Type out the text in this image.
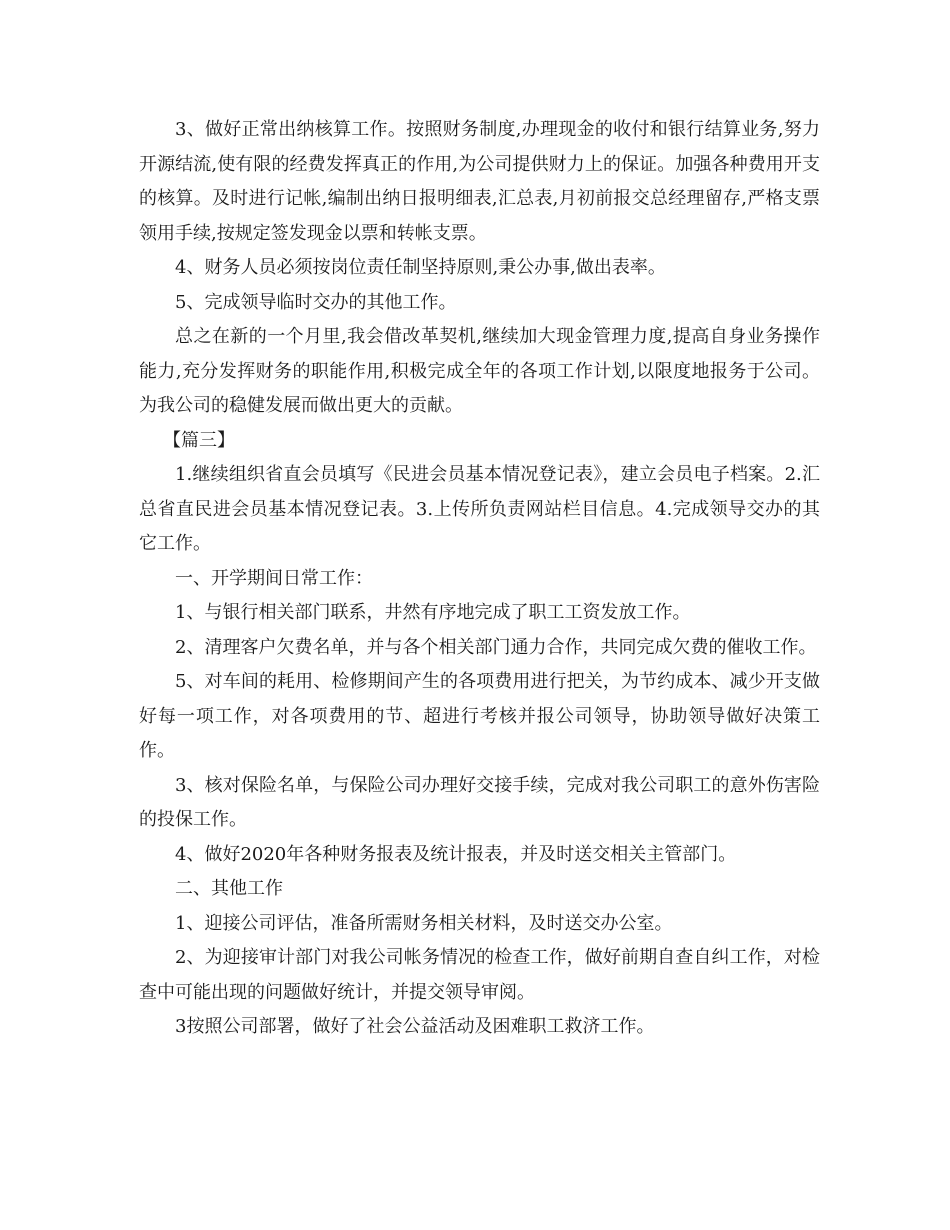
3、做好正常出纳核算工作。按照财务制度,办理现金的收付和银行结算业务,努力开源结流,使有限的经费发挥真正的作用,为公司提供财力上的保证。加强各种费用开支的核算。及时进行记帐,编制出纳日报明细表,汇总表,月初前报交总经理留存,严格支票领用手续,按规定签发现金以票和转帐支票。

4、财务人员必须按岗位责任制坚持原则,秉公办事,做出表率。

5、完成领导临时交办的其他工作。

总之在新的一个月里,我会借改革契机,继续加大现金管理力度,提高自身业务操作能力,充分发挥财务的职能作用,积极完成全年的各项工作计划,以限度地报务于公司。为我公司的稳健发展而做出更大的贡献。

【篇三】

1.继续组织省直会员填写《民进会员基本情况登记表》，建立会员电子档案。2.汇总省直民进会员基本情况登记表。3.上传所负责网站栏目信息。4.完成领导交办的其它工作。

一、开学期间日常工作：

1、与银行相关部门联系，井然有序地完成了职工工资发放工作。

2、清理客户欠费名单，并与各个相关部门通力合作，共同完成欠费的催收工作。

5、对车间的耗用、检修期间产生的各项费用进行把关，为节约成本、减少开支做好每一项工作，对各项费用的节、超进行考核并报公司领导，协助领导做好决策工作。

3、核对保险名单，与保险公司办理好交接手续，完成对我公司职工的意外伤害险的投保工作。

4、做好2020年各种财务报表及统计报表，并及时送交相关主管部门。

二、其他工作

1、迎接公司评估，准备所需财务相关材料，及时送交办公室。

2、为迎接审计部门对我公司帐务情况的检查工作，做好前期自查自纠工作，对检查中可能出现的问题做好统计，并提交领导审阅。

3按照公司部署，做好了社会公益活动及困难职工救济工作。
